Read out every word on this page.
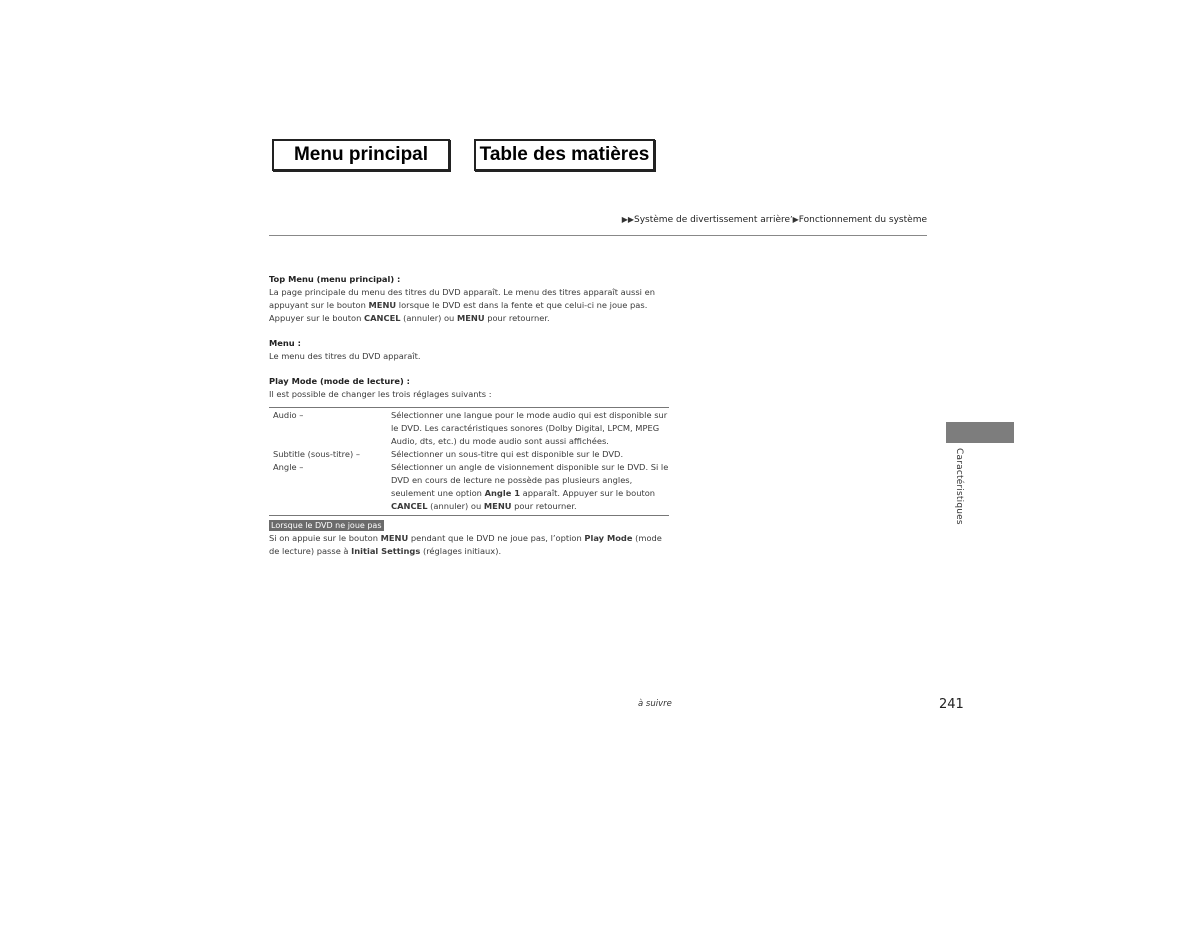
Menu principal	Table des matières
▶▶Système de divertissement arrière’▶Fonctionnement du système

Top Menu (menu principal) :

La page principale du menu des titres du DVD apparaît. Le menu des titres apparaît aussi en appuyant sur le bouton MENU lorsque le DVD est dans la fente et que celui-ci ne joue pas. Appuyer sur le bouton CANCEL (annuler) ou MENU pour retourner.

Menu :

Le menu des titres du DVD apparaît.

Play Mode (mode de lecture) :

Il est possible de changer les trois réglages suivants :

Audio –	Sélectionner une langue pour le mode audio qui est disponible sur le DVD. Les caractéristiques sonores (Dolby Digital, LPCM, MPEG Audio, dts, etc.) du mode audio sont aussi affichées.
Subtitle (sous-titre) –	Sélectionner un sous-titre qui est disponible sur le DVD.
Angle –	Sélectionner un angle de visionnement disponible sur le DVD. Si le DVD en cours de lecture ne possède pas plusieurs angles, seulement une option Angle 1 apparaît. Appuyer sur le bouton CANCEL (annuler) ou MENU pour retourner.
Lorsque le DVD ne joue pas

Si on appuie sur le bouton MENU pendant que le DVD ne joue pas, l’option Play Mode (mode de lecture) passe à Initial Settings (réglages initiaux).

Caractéristiques
à suivre	241
